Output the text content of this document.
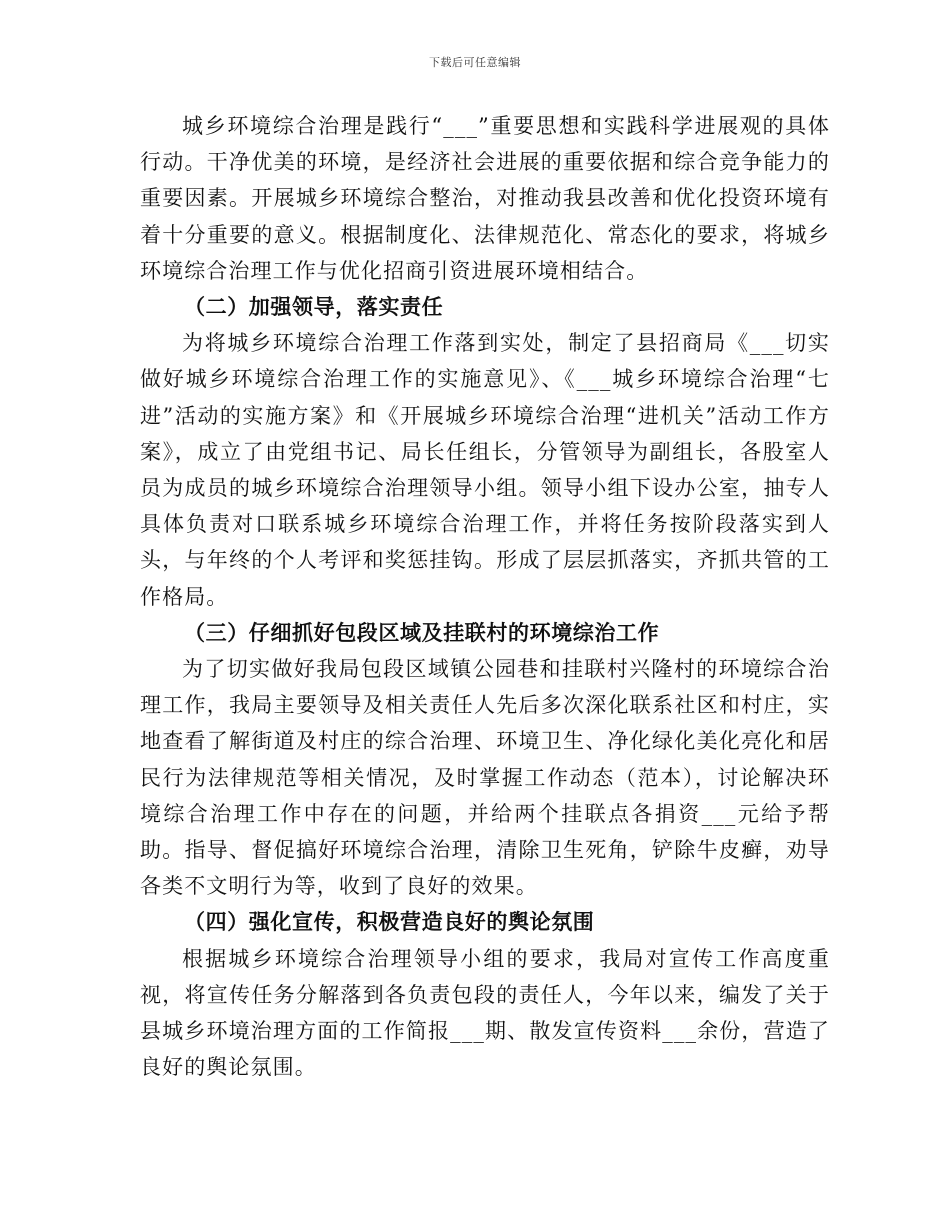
下载后可任意编辑

城乡环境综合治理是践行“___”重要思想和实践科学进展观的具体行动。干净优美的环境，是经济社会进展的重要依据和综合竞争能力的重要因素。开展城乡环境综合整治，对推动我县改善和优化投资环境有着十分重要的意义。根据制度化、法律规范化、常态化的要求，将城乡环境综合治理工作与优化招商引资进展环境相结合。

（二）加强领导，落实责任

为将城乡环境综合治理工作落到实处，制定了县招商局《___切实做好城乡环境综合治理工作的实施意见》、《___城乡环境综合治理“七进”活动的实施方案》和《开展城乡环境综合治理“进机关”活动工作方案》，成立了由党组书记、局长任组长，分管领导为副组长，各股室人员为成员的城乡环境综合治理领导小组。领导小组下设办公室，抽专人具体负责对口联系城乡环境综合治理工作，并将任务按阶段落实到人头，与年终的个人考评和奖惩挂钩。形成了层层抓落实，齐抓共管的工作格局。

（三）仔细抓好包段区域及挂联村的环境综治工作

为了切实做好我局包段区域镇公园巷和挂联村兴隆村的环境综合治理工作，我局主要领导及相关责任人先后多次深化联系社区和村庄，实地查看了解街道及村庄的综合治理、环境卫生、净化绿化美化亮化和居民行为法律规范等相关情况，及时掌握工作动态（范本），讨论解决环境综合治理工作中存在的问题，并给两个挂联点各捐资___元给予帮助。指导、督促搞好环境综合治理，清除卫生死角，铲除牛皮癣，劝导各类不文明行为等，收到了良好的效果。

（四）强化宣传，积极营造良好的舆论氛围

根据城乡环境综合治理领导小组的要求，我局对宣传工作高度重视，将宣传任务分解落到各负责包段的责任人，今年以来，编发了关于县城乡环境治理方面的工作简报___期、散发宣传资料___余份，营造了良好的舆论氛围。
